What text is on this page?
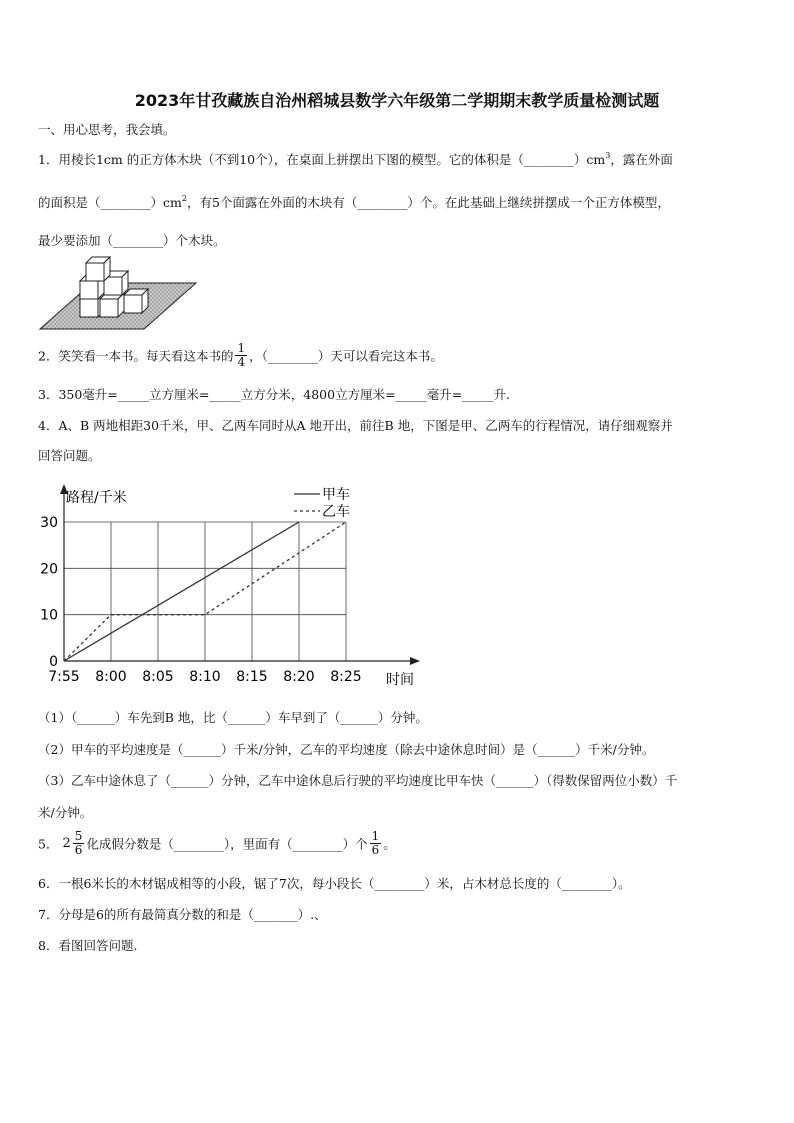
2023年甘孜藏族自治州稻城县数学六年级第二学期期末教学质量检测试题
一、用心思考，我会填。
1．用棱长1cm 的正方体木块（不到10个），在桌面上拼摆出下图的模型。它的体积是$(\_\_\_\_\_\_\_\_)cm^3$，露在外面
的面积是$(\_\_\_\_\_\_\_\_)cm^2$，有5个面露在外面的木块有（________）个。在此基础上继续拼摆成一个正方体模型，
最少要添加（________）个木块。
2．笑笑看一本书。每天看这本书的 $\frac{1}{4}$ ，（________）天可以看完这本书。
3．350毫升=_____立方厘米=_____立方分米，4800立方厘米=_____毫升=_____升.
4．A、B 两地相距30千米，甲、乙两车同时从A 地开出，前往B 地，下图是甲、乙两车的行程情况，请仔细观察并
回答问题。
7:55 8:00 8:05 8:10 8:15 8:20 8:25
0
10
20
30
路程/千米
时间
甲车
乙车
（1）（______）车先到B 地，比（______）车早到了（______）分钟。
（2）甲车的平均速度是（______）千米/分钟，乙车的平均速度（除去中途休息时间）是（______）千米/分钟。
（3）乙车中途休息了（______）分钟，乙车中途休息后行驶的平均速度比甲车快（______）（得数保留两位小数）千
米/分钟。
5． $2 \frac{5}{6}$ 化成假分数是（________），里面有（________）个 $\frac{1}{6}$ 。
6．一根6米长的木材锯成相等的小段，锯了7次，每小段长（________）米，占木材总长度的（________）。
7．分母是6的所有最简真分数的和是（_______）.、
8．看图回答问题.
